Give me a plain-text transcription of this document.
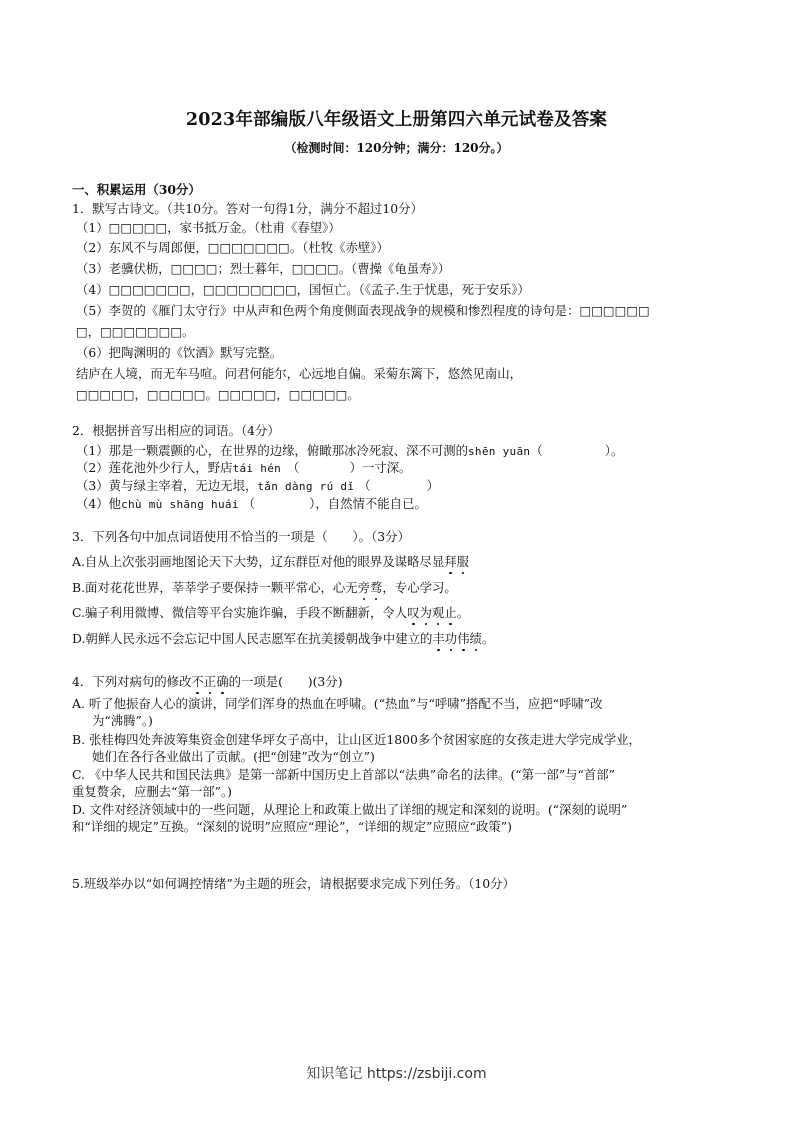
2023年部编版八年级语文上册第四六单元试卷及答案
（检测时间：120分钟；满分：120分。）
一、积累运用（30分）
1．默写古诗文。（共10分。答对一句得1分，满分不超过10分）
（1）□□□□□，家书抵万金。（杜甫《春望》）
（2）东风不与周郎便，□□□□□□□。（杜牧《赤壁》）
（3）老骥伏枥，□□□□；烈士暮年，□□□□。（曹操《龟虽寿》）
（4）□□□□□□□，□□□□□□□□，国恒亡。（《孟子.生于忧患，死于安乐》）
（5）李贺的《雁门太守行》中从声和色两个角度侧面表现战争的规模和惨烈程度的诗句是：□□□□□□
□，□□□□□□□。
（6）把陶渊明的《饮酒》默写完整。
结庐在人境，而无车马喧。问君何能尔，心远地自偏。采菊东篱下，悠然见南山，
□□□□□，□□□□□。□□□□□，□□□□□。
2．根据拼音写出相应的词语。（4分）
（1）那是一颗震颤的心，在世界的边缘，俯瞰那冰冷死寂、深不可测的shēn yuān（	）。
（2）莲花池外少行人，野店tái hén （	）一寸深。
（3）黄与绿主宰着，无边无垠，tǎn dàng rú dǐ （	）
（4）他chù mù shāng huái （	），自然情不能自已。
3．下列各句中加点词语使用不恰当的一项是（　　）。（3分）
A.自从上次张羽画地图论天下大势，辽东群臣对他的眼界及谋略尽显拜服
B.面对花花世界，莘莘学子要保持一颗平常心，心无旁骛，专心学习。
C.骗子利用微博、微信等平台实施诈骗，手段不断翻新，令人叹为观止。
D.朝鲜人民永远不会忘记中国人民志愿军在抗美援朝战争中建立的丰功伟绩。
4．下列对病句的修改不正确的一项是(　　)(3分)
A. 听了他振奋人心的演讲，同学们浑身的热血在呼啸。(“热血”与“呼啸”搭配不当，应把“呼啸”改
为“沸腾”。)
B. 张桂梅四处奔波筹集资金创建华坪女子高中，让山区近1800多个贫困家庭的女孩走进大学完成学业，
她们在各行各业做出了贡献。(把“创建”改为“创立”)
C. 《中华人民共和国民法典》是第一部新中国历史上首部以“法典”命名的法律。(“第一部”与“首部”
重复赘余，应删去“第一部”。)
D. 文件对经济领域中的一些问题，从理论上和政策上做出了详细的规定和深刻的说明。(“深刻的说明”
和“详细的规定”互换。“深刻的说明”应照应“理论”，“详细的规定”应照应“政策”)
5.班级举办以“如何调控情绪”为主题的班会，请根据要求完成下列任务。（10分）
知识笔记 https://zsbiji.com
